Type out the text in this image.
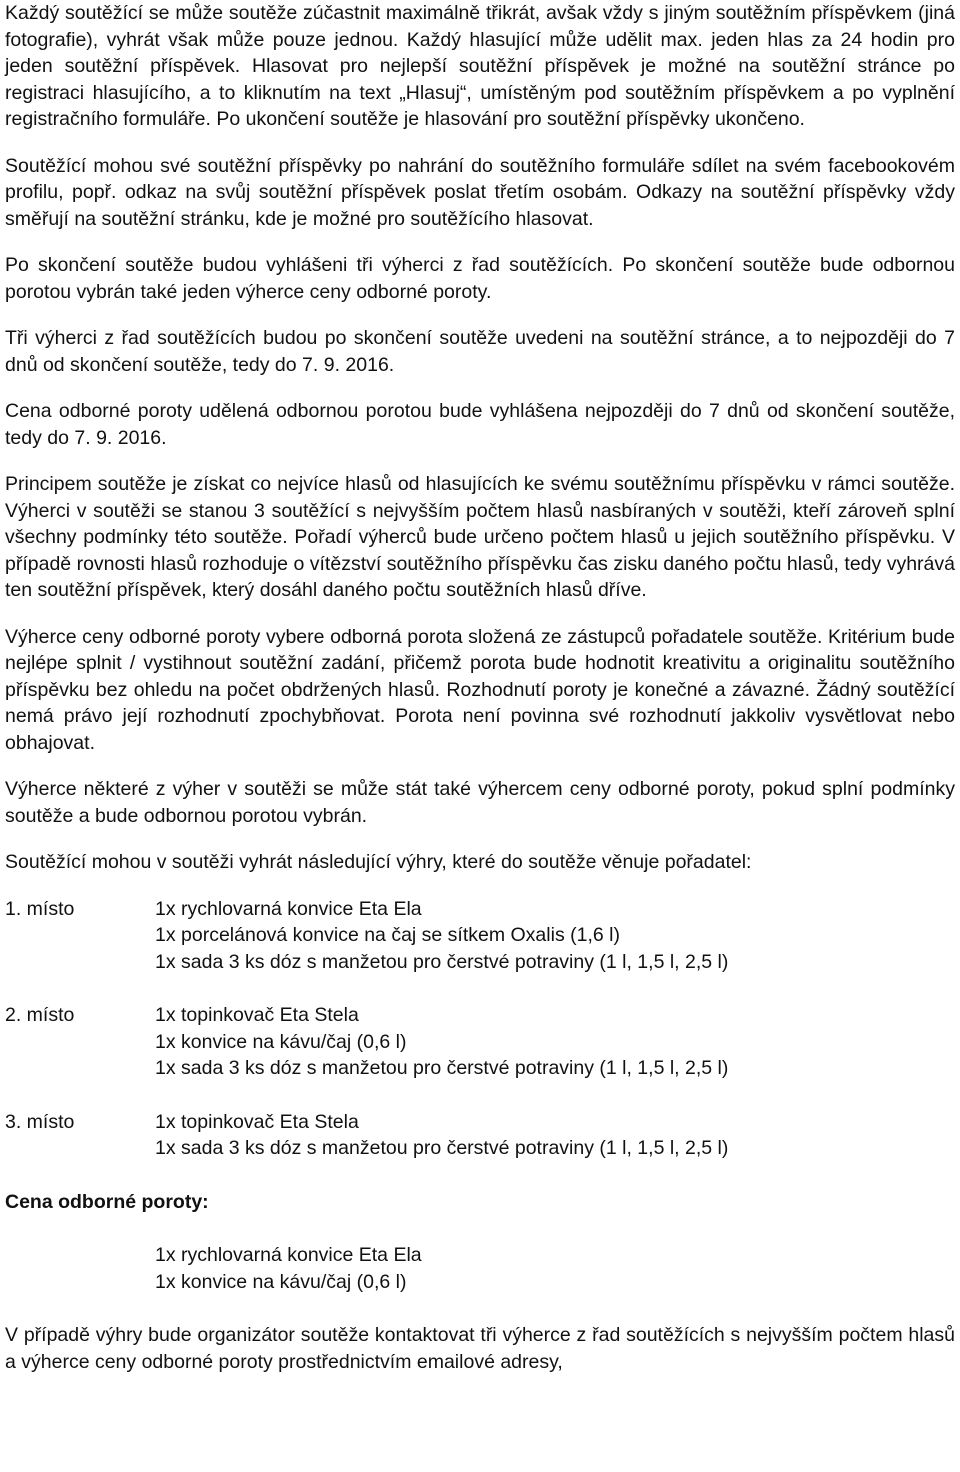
Každý soutěžící se může soutěže zúčastnit maximálně třikrát, avšak vždy s jiným soutěžním příspěvkem (jiná fotografie), vyhrát však může pouze jednou. Každý hlasující může udělit max. jeden hlas za 24 hodin pro jeden soutěžní příspěvek. Hlasovat pro nejlepší soutěžní příspěvek je možné na soutěžní stránce po registraci hlasujícího, a to kliknutím na text „Hlasuj“, umístěným pod soutěžním příspěvkem a po vyplnění registračního formuláře. Po ukončení soutěže je hlasování pro soutěžní příspěvky ukončeno.

Soutěžící mohou své soutěžní příspěvky po nahrání do soutěžního formuláře sdílet na svém facebookovém profilu, popř. odkaz na svůj soutěžní příspěvek poslat třetím osobám. Odkazy na soutěžní příspěvky vždy směřují na soutěžní stránku, kde je možné pro soutěžícího hlasovat.

Po skončení soutěže budou vyhlášeni tři výherci z řad soutěžících. Po skončení soutěže bude odbornou porotou vybrán také jeden výherce ceny odborné poroty.

Tři výherci z řad soutěžících budou po skončení soutěže uvedeni na soutěžní stránce, a to nejpozději do 7 dnů od skončení soutěže, tedy do 7. 9. 2016.

Cena odborné poroty udělená odbornou porotou bude vyhlášena nejpozději do 7 dnů od skončení soutěže, tedy do 7. 9. 2016.

Principem soutěže je získat co nejvíce hlasů od hlasujících ke svému soutěžnímu příspěvku v rámci soutěže. Výherci v soutěži se stanou 3 soutěžící s nejvyšším počtem hlasů nasbíraných v soutěži, kteří zároveň splní všechny podmínky této soutěže. Pořadí výherců bude určeno počtem hlasů u jejich soutěžního příspěvku. V případě rovnosti hlasů rozhoduje o vítězství soutěžního příspěvku čas zisku daného počtu hlasů, tedy vyhrává ten soutěžní příspěvek, který dosáhl daného počtu soutěžních hlasů dříve.

Výherce ceny odborné poroty vybere odborná porota složená ze zástupců pořadatele soutěže. Kritérium bude nejlépe splnit / vystihnout soutěžní zadání, přičemž porota bude hodnotit kreativitu a originalitu soutěžního příspěvku bez ohledu na počet obdržených hlasů. Rozhodnutí poroty je konečné a závazné. Žádný soutěžící nemá právo její rozhodnutí zpochybňovat. Porota není povinna své rozhodnutí jakkoliv vysvětlovat nebo obhajovat.

Výherce některé z výher v soutěži se může stát také výhercem ceny odborné poroty, pokud splní podmínky soutěže a bude odbornou porotou vybrán.

Soutěžící mohou v soutěži vyhrát následující výhry, které do soutěže věnuje pořadatel:

1. místo	1x rychlovarná konvice Eta Ela
1x porcelánová konvice na čaj se sítkem Oxalis (1,6 l)
1x sada 3 ks dóz s manžetou pro čerstvé potraviny (1 l, 1,5 l, 2,5 l)
2. místo	1x topinkovač Eta Stela
1x konvice na kávu/čaj (0,6 l)
1x sada 3 ks dóz s manžetou pro čerstvé potraviny (1 l, 1,5 l, 2,5 l)
3. místo	1x topinkovač Eta Stela
1x sada 3 ks dóz s manžetou pro čerstvé potraviny (1 l, 1,5 l, 2,5 l)
Cena odborné poroty:
1x rychlovarná konvice Eta Ela
1x konvice na kávu/čaj (0,6 l)

V případě výhry bude organizátor soutěže kontaktovat tři výherce z řad soutěžících s nejvyšším počtem hlasů a výherce ceny odborné poroty prostřednictvím emailové adresy,
